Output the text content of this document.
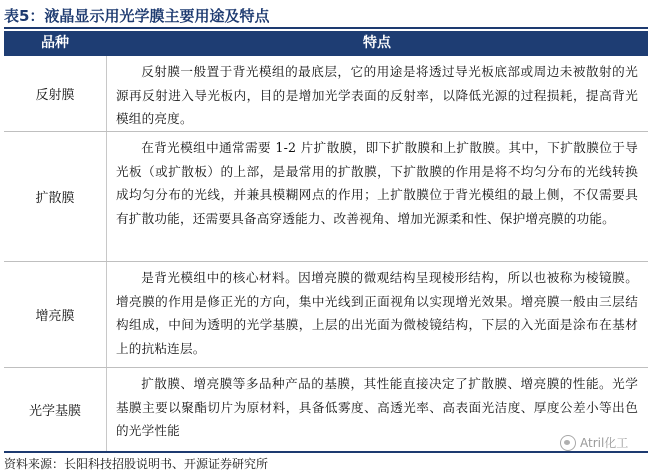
表5：液晶显示用光学膜主要用途及特点
品种	特点
反射膜
反射膜一般置于背光模组的最底层，它的用途是将透过导光板底部或周边未被散射的光源再反射进入导光板内，目的是增加光学表面的反射率，以降低光源的过程损耗，提高背光模组的亮度。
扩散膜
在背光模组中通常需要 1-2 片扩散膜，即下扩散膜和上扩散膜。其中，下扩散膜位于导光板（或扩散板）的上部，是最常用的扩散膜，下扩散膜的作用是将不均匀分布的光线转换成均匀分布的光线，并兼具模糊网点的作用；上扩散膜位于背光模组的最上侧，不仅需要具有扩散功能，还需要具备高穿透能力、改善视角、增加光源柔和性、保护增亮膜的功能。
增亮膜
是背光模组中的核心材料。因增亮膜的微观结构呈现棱形结构，所以也被称为棱镜膜。增亮膜的作用是修正光的方向，集中光线到正面视角以实现增光效果。增亮膜一般由三层结构组成，中间为透明的光学基膜，上层的出光面为微棱镜结构，下层的入光面是涂布在基材上的抗粘连层。
光学基膜
扩散膜、增亮膜等多品种产品的基膜，其性能直接决定了扩散膜、增亮膜的性能。光学基膜主要以聚酯切片为原材料，具备低雾度、高透光率、高表面光洁度、厚度公差小等出色的光学性能
资料来源：长阳科技招股说明书、开源证券研究所
Atril化工
